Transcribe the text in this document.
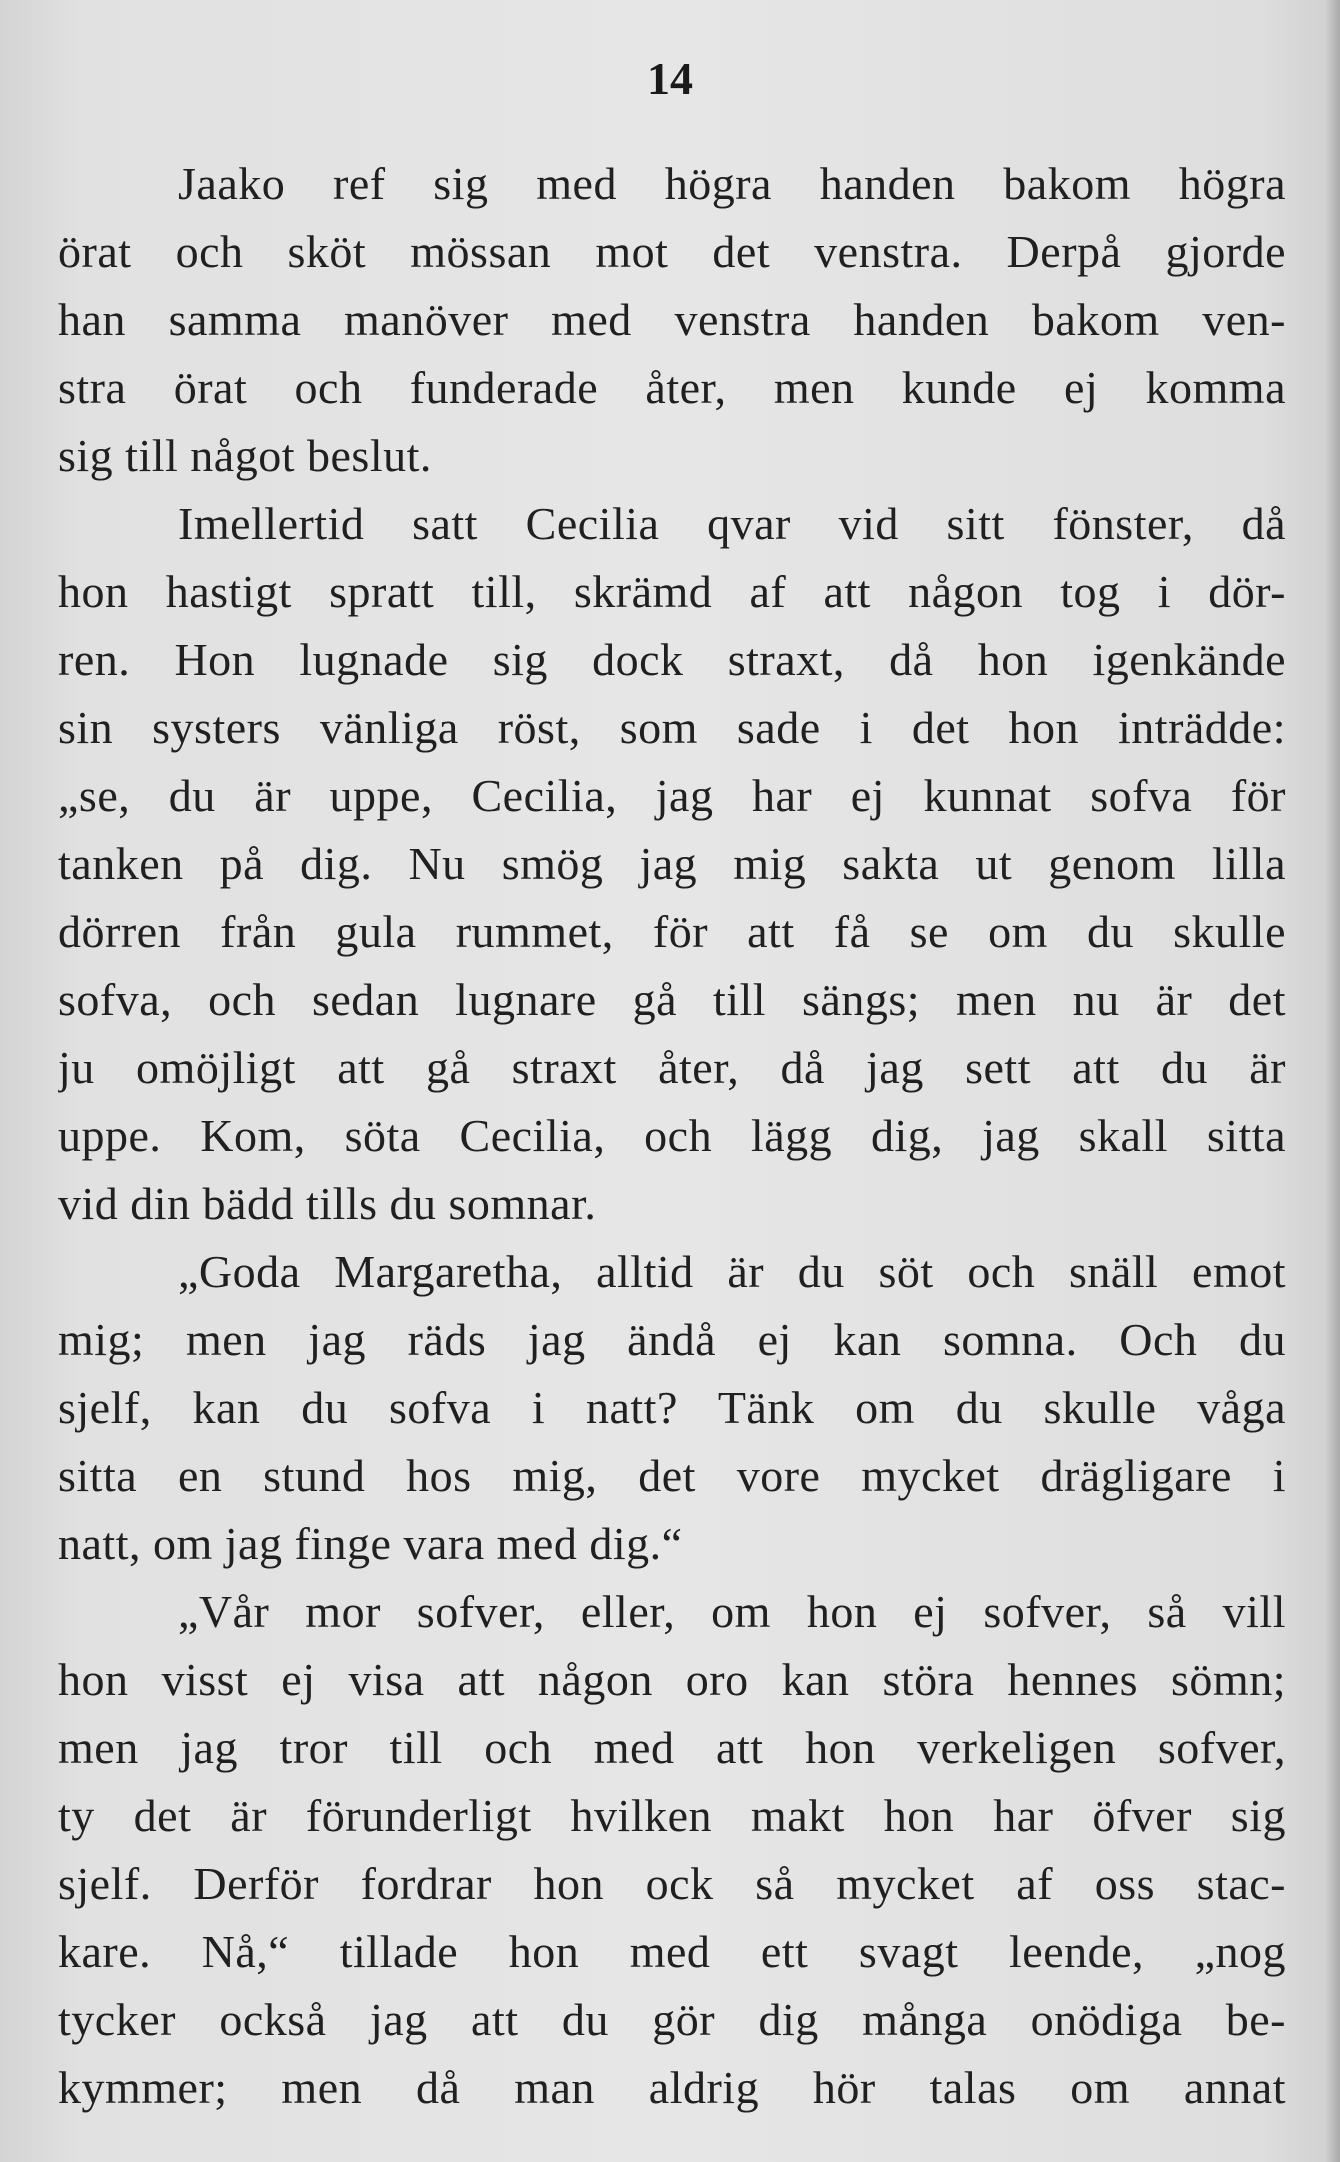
14
Jaako ref sig med högra handen bakom högra
örat och sköt mössan mot det venstra. Derpå gjorde
han samma manöver med venstra handen bakom ven-
stra örat och funderade åter, men kunde ej komma
sig till något beslut.
Imellertid satt Cecilia qvar vid sitt fönster, då
hon hastigt spratt till, skrämd af att någon tog i dör-
ren. Hon lugnade sig dock straxt, då hon igenkände
sin systers vänliga röst, som sade i det hon inträdde:
„se, du är uppe, Cecilia, jag har ej kunnat sofva för
tanken på dig. Nu smög jag mig sakta ut genom lilla
dörren från gula rummet, för att få se om du skulle
sofva, och sedan lugnare gå till sängs; men nu är det
ju omöjligt att gå straxt åter, då jag sett att du är
uppe. Kom, söta Cecilia, och lägg dig, jag skall sitta
vid din bädd tills du somnar.
„Goda Margaretha, alltid är du söt och snäll emot
mig; men jag räds jag ändå ej kan somna. Och du
sjelf, kan du sofva i natt? Tänk om du skulle våga
sitta en stund hos mig, det vore mycket drägligare i
natt, om jag finge vara med dig.“
„Vår mor sofver, eller, om hon ej sofver, så vill
hon visst ej visa att någon oro kan störa hennes sömn;
men jag tror till och med att hon verkeligen sofver,
ty det är förunderligt hvilken makt hon har öfver sig
sjelf. Derför fordrar hon ock så mycket af oss stac-
kare. Nå,“ tillade hon med ett svagt leende, „nog
tycker också jag att du gör dig många onödiga be-
kymmer; men då man aldrig hör talas om annat
